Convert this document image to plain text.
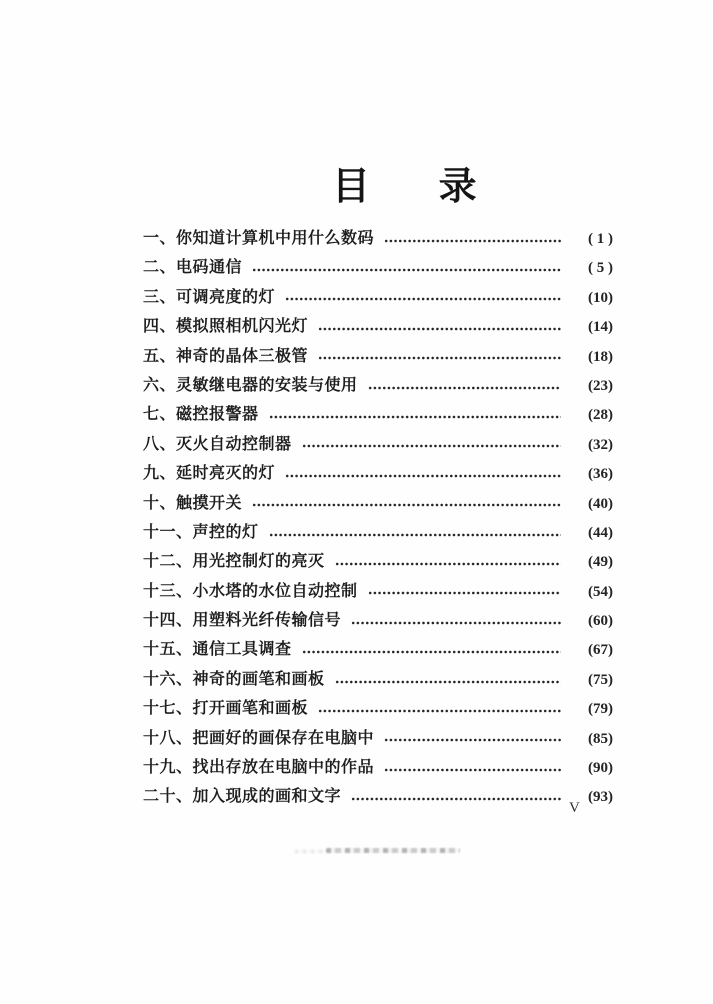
目 录
一、你知道计算机中用什么数码	( 1 )
二、电码通信	( 5 )
三、可调亮度的灯	(10)
四、模拟照相机闪光灯	(14)
五、神奇的晶体三极管	(18)
六、灵敏继电器的安装与使用	(23)
七、磁控报警器	(28)
八、灭火自动控制器	(32)
九、延时亮灭的灯	(36)
十、触摸开关	(40)
十一、声控的灯	(44)
十二、用光控制灯的亮灭	(49)
十三、小水塔的水位自动控制	(54)
十四、用塑料光纤传输信号	(60)
十五、通信工具调查	(67)
十六、神奇的画笔和画板	(75)
十七、打开画笔和画板	(79)
十八、把画好的画保存在电脑中	(85)
十九、找出存放在电脑中的作品	(90)
二十、加入现成的画和文字	(93)
V
